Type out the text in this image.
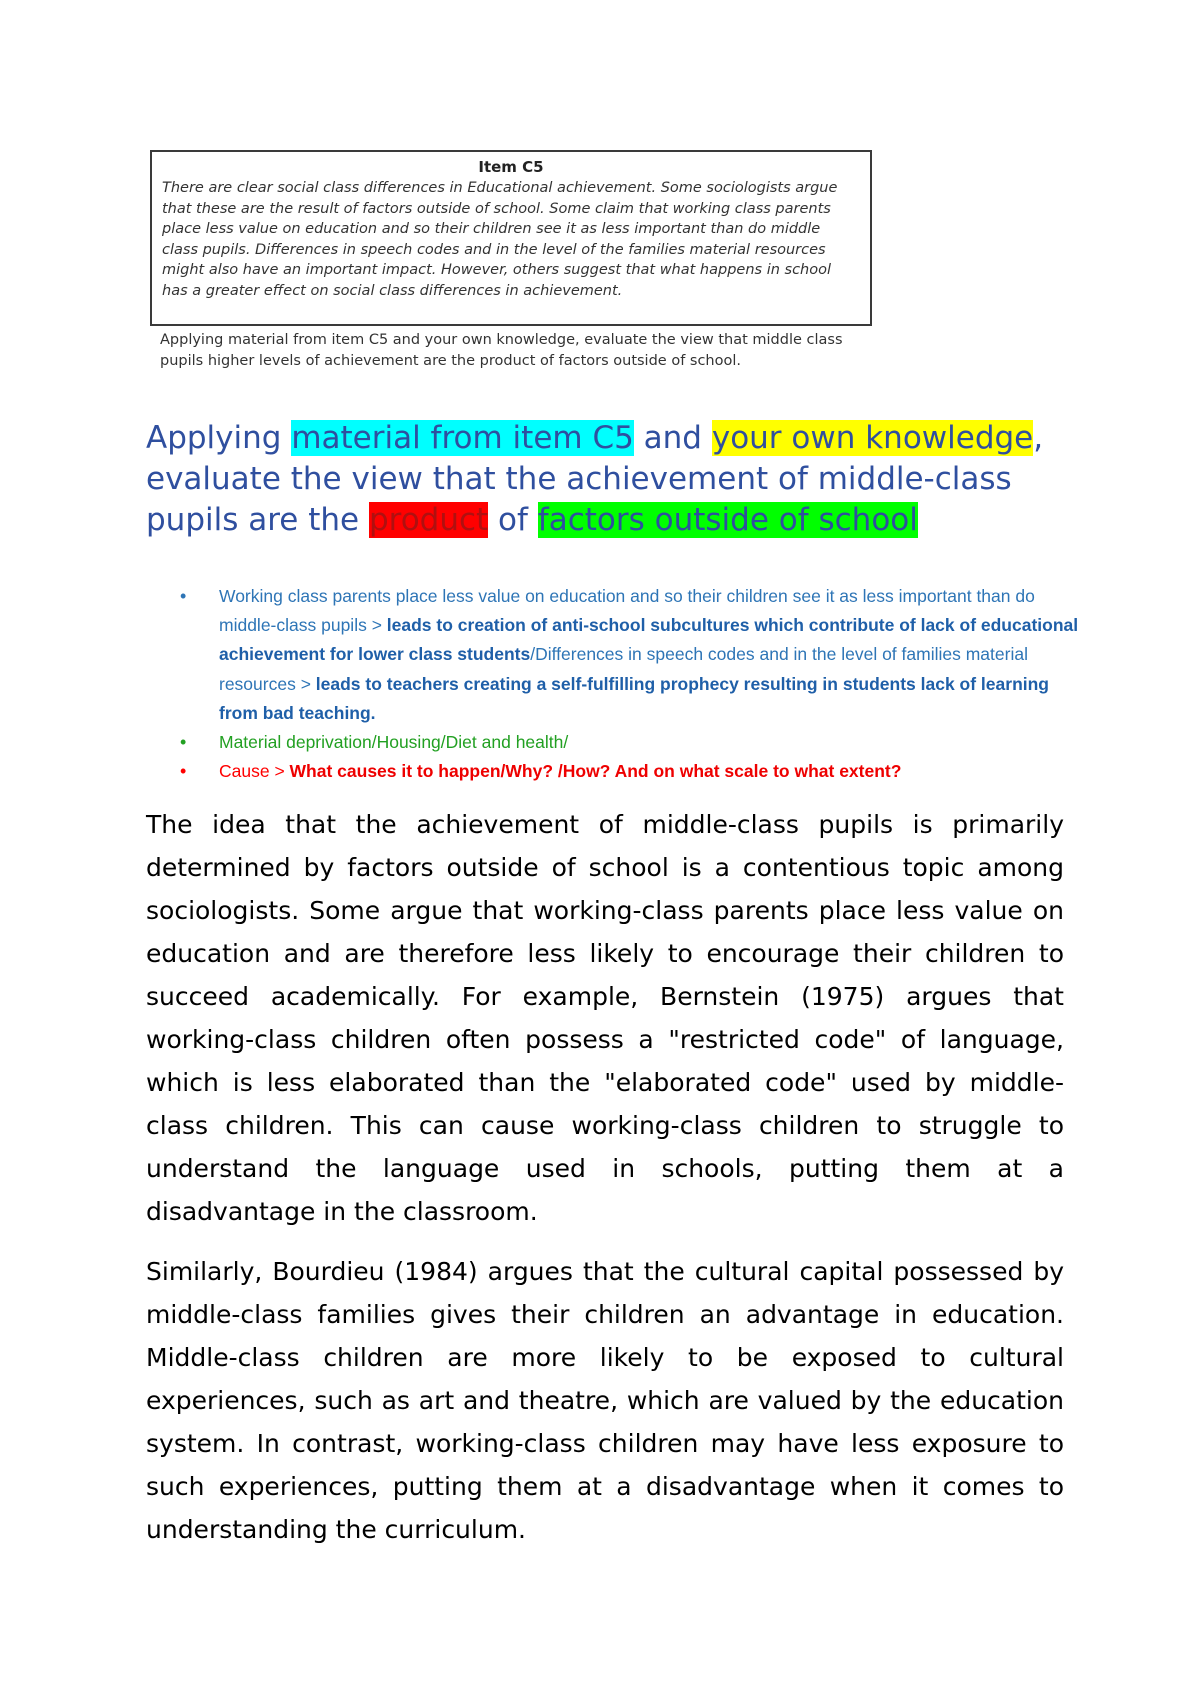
Item C5

There are clear social class differences in Educational achievement. Some sociologists argue that these are the result of factors outside of school. Some claim that working class parents place less value on education and so their children see it as less important than do middle class pupils. Differences in speech codes and in the level of the families material resources might also have an important impact. However, others suggest that what happens in school has a greater effect on social class differences in achievement.

Applying material from item C5 and your own knowledge, evaluate the view that middle class pupils higher levels of achievement are the product of factors outside of school.

Applying material from item C5 and your own knowledge, evaluate the view that the achievement of middle-class pupils are the product of factors outside of school

• Working class parents place less value on education and so their children see it as less important than do middle-class pupils > leads to creation of anti-school subcultures which contribute of lack of educational achievement for lower class students/Differences in speech codes and in the level of families material resources > leads to teachers creating a self-fulfilling prophecy resulting in students lack of learning from bad teaching.
• Material deprivation/Housing/Diet and health/
• Cause > What causes it to happen/Why? /How? And on what scale to what extent?

The idea that the achievement of middle-class pupils is primarily determined by factors outside of school is a contentious topic among sociologists. Some argue that working-class parents place less value on education and are therefore less likely to encourage their children to succeed academically. For example, Bernstein (1975) argues that working-class children often possess a "restricted code" of language, which is less elaborated than the "elaborated code" used by middle-class children. This can cause working-class children to struggle to understand the language used in schools, putting them at a disadvantage in the classroom.

Similarly, Bourdieu (1984) argues that the cultural capital possessed by middle-class families gives their children an advantage in education. Middle-class children are more likely to be exposed to cultural experiences, such as art and theatre, which are valued by the education system. In contrast, working-class children may have less exposure to such experiences, putting them at a disadvantage when it comes to understanding the curriculum.
